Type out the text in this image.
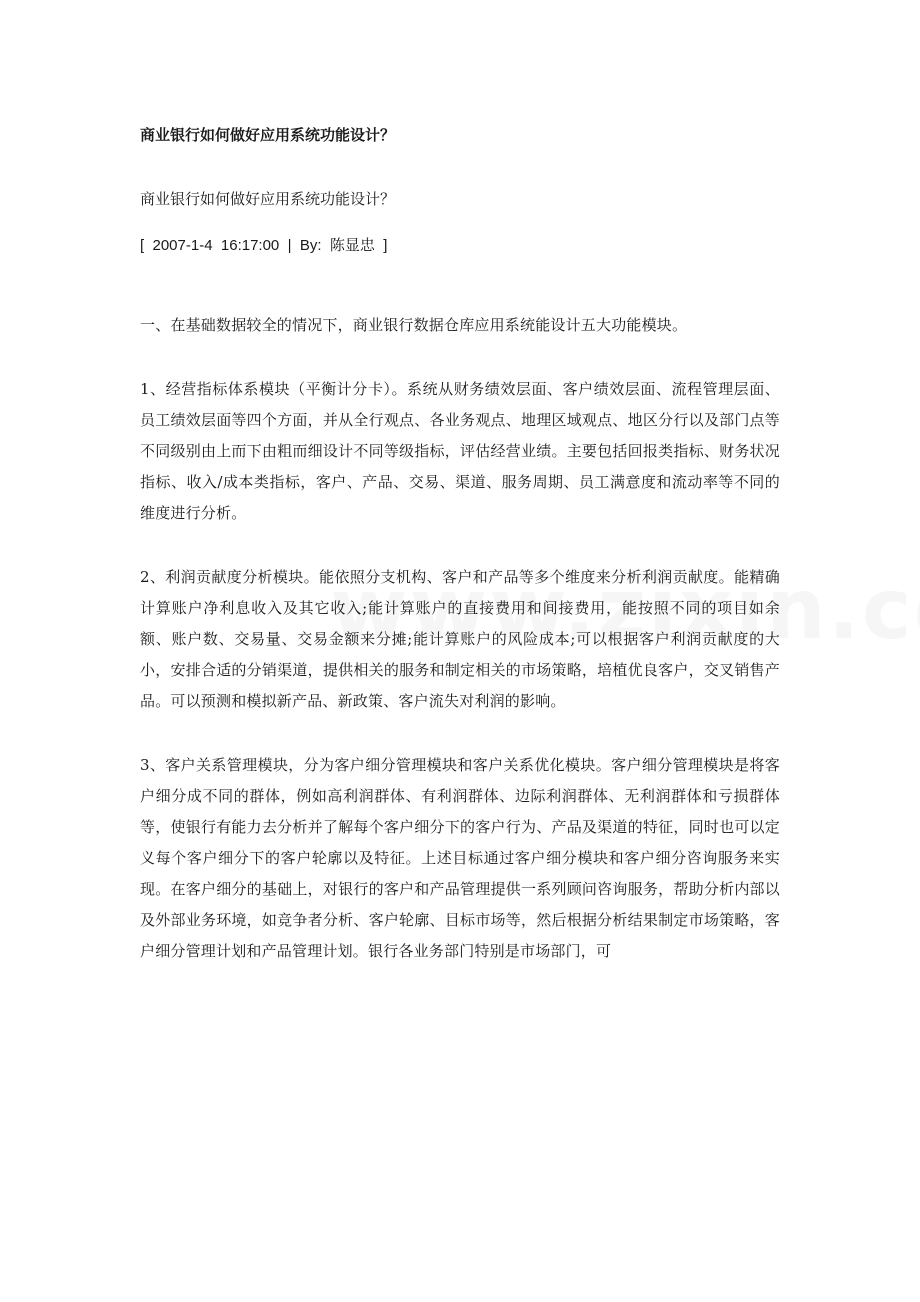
商业银行如何做好应用系统功能设计？

商业银行如何做好应用系统功能设计？

[  2007-1-4  16:17:00  |  By:  陈显忠  ]

一、在基础数据较全的情况下，商业银行数据仓库应用系统能设计五大功能模块。

1、经营指标体系模块（平衡计分卡）。系统从财务绩效层面、客户绩效层面、流程管理层面、员工绩效层面等四个方面，并从全行观点、各业务观点、地理区域观点、地区分行以及部门点等不同级别由上而下由粗而细设计不同等级指标，评估经营业绩。主要包括回报类指标、财务状况指标、收入/成本类指标，客户、产品、交易、渠道、服务周期、员工满意度和流动率等不同的维度进行分析。

2、利润贡献度分析模块。能依照分支机构、客户和产品等多个维度来分析利润贡献度。能精确计算账户净利息收入及其它收入;能计算账户的直接费用和间接费用，能按照不同的项目如余额、账户数、交易量、交易金额来分摊;能计算账户的风险成本;可以根据客户利润贡献度的大小，安排合适的分销渠道，提供相关的服务和制定相关的市场策略，培植优良客户，交叉销售产品。可以预测和模拟新产品、新政策、客户流失对利润的影响。

3、客户关系管理模块，分为客户细分管理模块和客户关系优化模块。客户细分管理模块是将客户细分成不同的群体，例如高利润群体、有利润群体、边际利润群体、无利润群体和亏损群体等，使银行有能力去分析并了解每个客户细分下的客户行为、产品及渠道的特征，同时也可以定义每个客户细分下的客户轮廓以及特征。上述目标通过客户细分模块和客户细分咨询服务来实现。在客户细分的基础上，对银行的客户和产品管理提供一系列顾问咨询服务，帮助分析内部以及外部业务环境，如竞争者分析、客户轮廓、目标市场等，然后根据分析结果制定市场策略，客户细分管理计划和产品管理计划。银行各业务部门特别是市场部门，可
